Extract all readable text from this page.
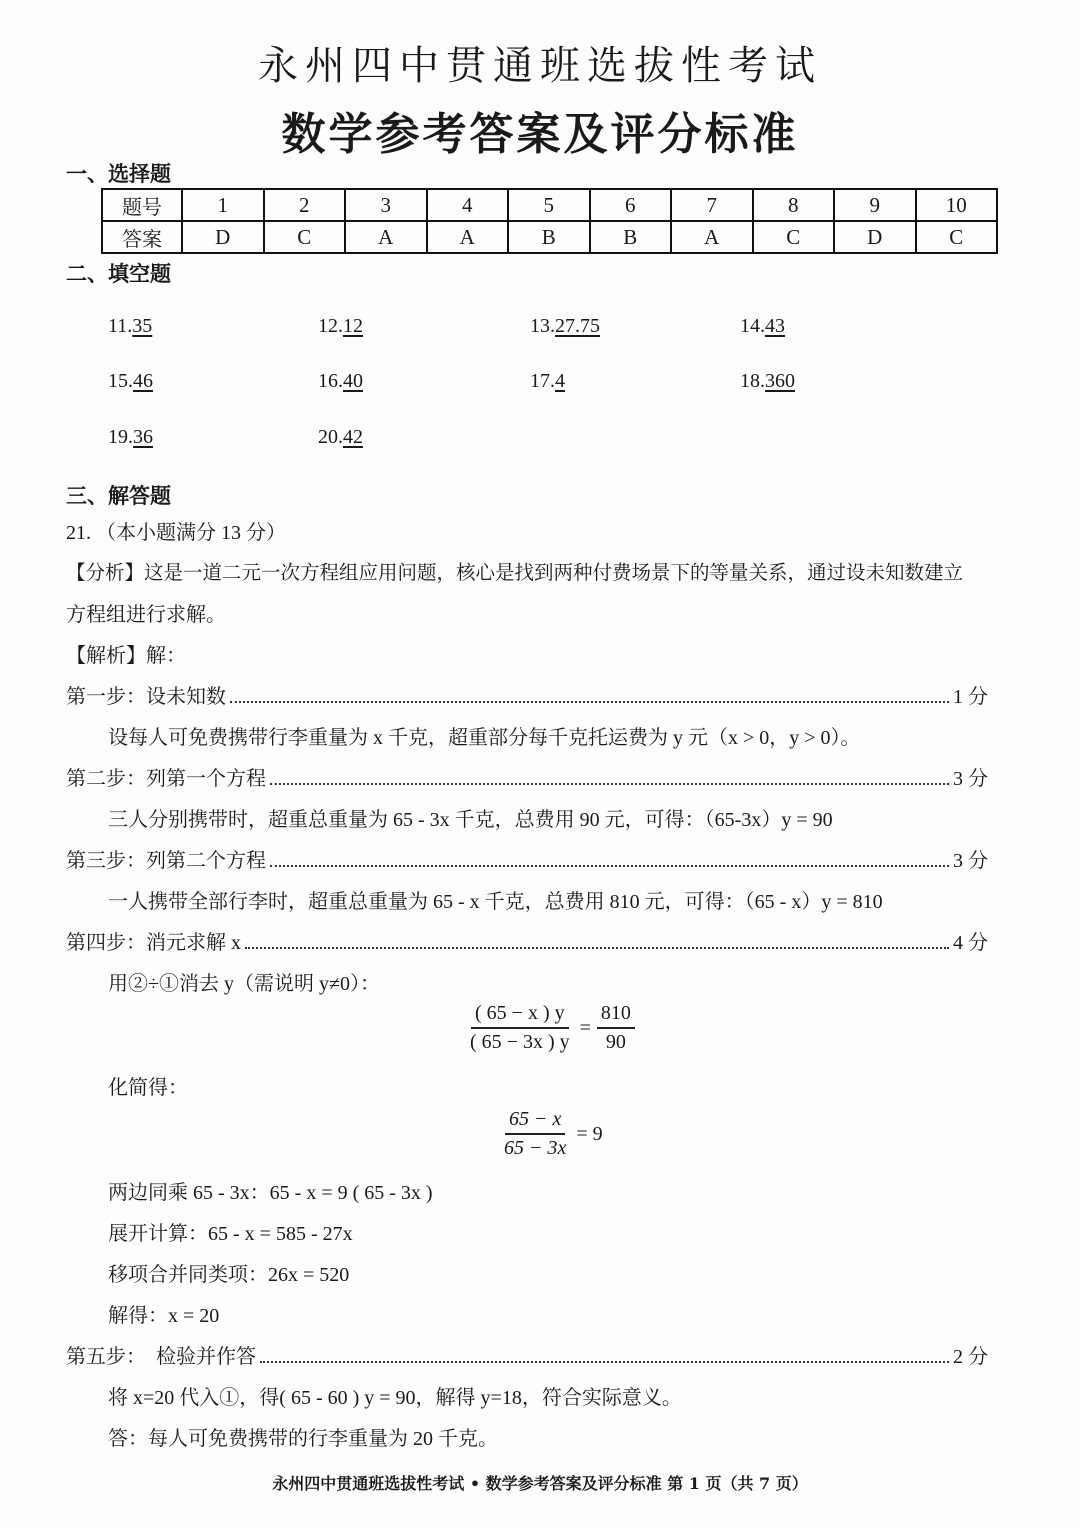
永州四中贯通班选拔性考试
数学参考答案及评分标准
一、选择题
题号	1	2	3	4	5	6	7	8	9	10
答案	D	C	A	A	B	B	A	C	D	C
二、填空题
11.35	12.12	13.27.75	14.43
15.46	16.40	17.4	18.360
19.36	20.42
三、解答题
21. （本小题满分 13 分）
【分析】这是一道二元一次方程组应用问题，核心是找到两种付费场景下的等量关系，通过设未知数建立
方程组进行求解。
【解析】解：
第一步：设未知数	1 分
设每人可免费携带行李重量为 x 千克，超重部分每千克托运费为 y 元（x > 0，y > 0）。
第二步：列第一个方程	3 分
三人分别携带时，超重总重量为 65 - 3x 千克，总费用 90 元，可得：（65-3x）y = 90
第三步：列第二个方程	3 分
一人携带全部行李时，超重总重量为 65 - x 千克，总费用 810 元，可得：（65 - x）y = 810
第四步：消元求解 x	4 分
用②÷①消去 y（需说明 y≠0）：
$\frac{( 65 - x ) y}{( 65 - 3x ) y} = \frac{810}{90}$
化简得：
$\frac{65 - x}{65 - 3x} = 9$
两边同乘 65 - 3x：65 - x = 9 ( 65 - 3x )
展开计算：65 - x = 585 - 27x
移项合并同类项：26x = 520
解得：x = 20
第五步：  检验并作答	2 分
将 x=20 代入①，得( 65 - 60 ) y = 90，解得 y=18，符合实际意义。
答：每人可免费携带的行李重量为 20 千克。
永州四中贯通班选拔性考试 • 数学参考答案及评分标准 第 1 页（共 7 页）
